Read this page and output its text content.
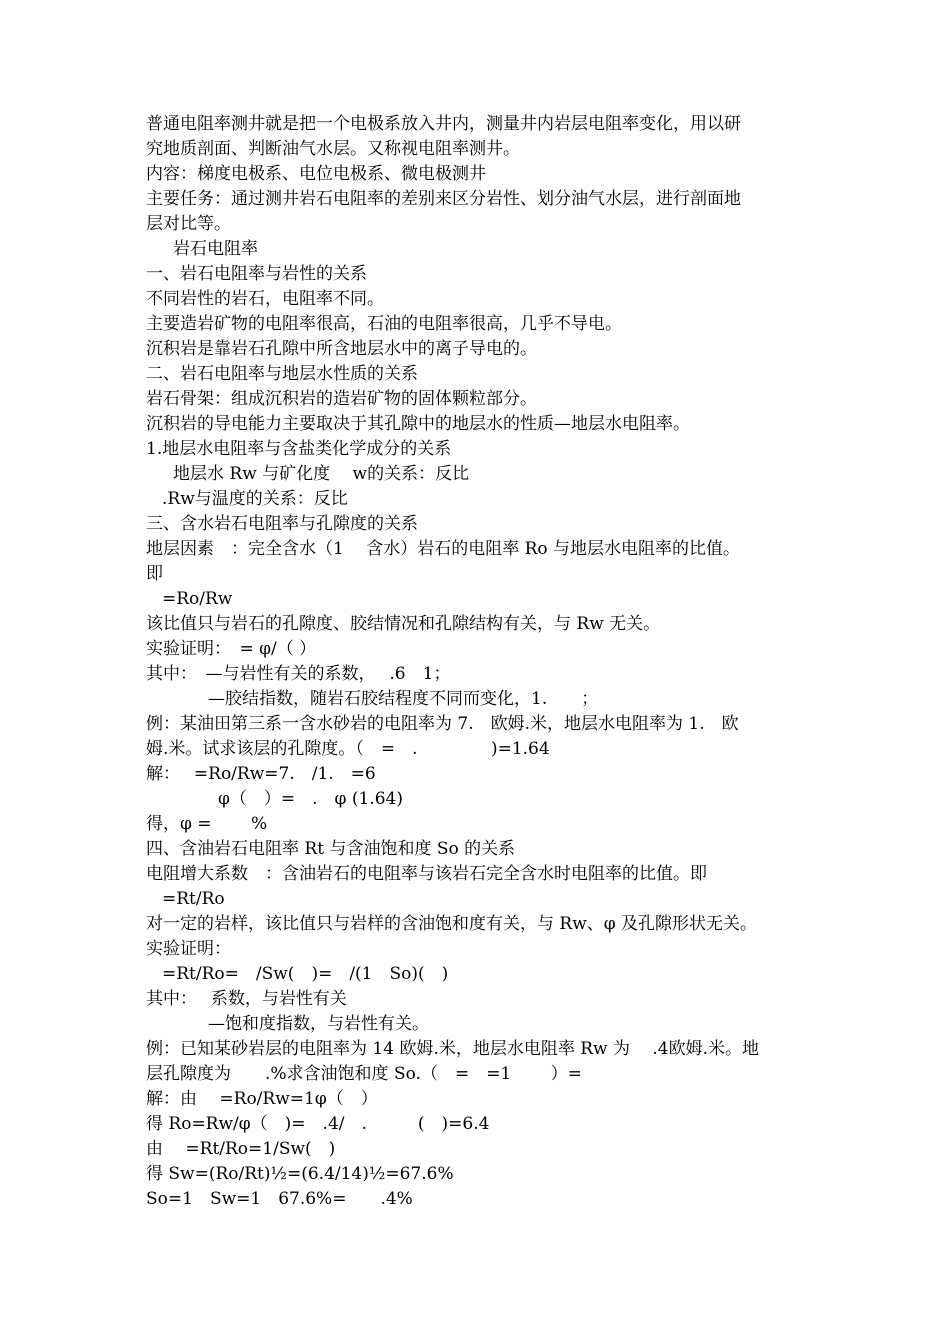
普通电阻率测井就是把一个电极系放入井内，测量井内岩层电阻率变化，用以研
究地质剖面、判断油气水层。又称视电阻率测井。
内容：梯度电极系、电位电极系、微电极测井
主要任务：通过测井岩石电阻率的差别来区分岩性、划分油气水层，进行剖面地
层对比等。
岩石电阻率
一、岩石电阻率与岩性的关系
不同岩性的岩石，电阻率不同。
主要造岩矿物的电阻率很高，石油的电阻率很高，几乎不导电。
沉积岩是靠岩石孔隙中所含地层水中的离子导电的。
二、岩石电阻率与地层水性质的关系
岩石骨架：组成沉积岩的造岩矿物的固体颗粒部分。
沉积岩的导电能力主要取决于其孔隙中的地层水的性质—地层水电阻率。
1.地层水电阻率与含盐类化学成分的关系
地层水 Rw 与矿化度　 w的关系：反比
.Rw与温度的关系：反比
三、含水岩石电阻率与孔隙度的关系
地层因素　：完全含水（1　 含水）岩石的电阻率 Ro 与地层水电阻率的比值。
即
=Ro/Rw
该比值只与岩石的孔隙度、胶结情况和孔隙结构有关，与 Rw 无关。
实验证明：　= φ/（ ）
其中：　—与岩性有关的系数，　 .6　1；
—胶结指数，随岩石胶结程度不同而变化，1.　　；
例：某油田第三系一含水砂岩的电阻率为 7.　欧姆.米，地层水电阻率为 1.　欧
姆.米。试求该层的孔隙度。（　=　.　　　　 )=1.64
解：　 =Ro/Rw=7.　/1.　=6
φ（　）=　.　φ (1.64)
得，φ =　　 %
四、含油岩石电阻率 Rt 与含油饱和度 So 的关系
电阻增大系数　：含油岩石的电阻率与该岩石完全含水时电阻率的比值。即
=Rt/Ro
对一定的岩样，该比值只与岩样的含油饱和度有关，与 Rw、φ 及孔隙形状无关。
实验证明：
=Rt/Ro=　/Sw(　)=　/(1　So)(　)
其中：　 系数，与岩性有关
—饱和度指数，与岩性有关。
例：已知某砂岩层的电阻率为 14 欧姆.米，地层水电阻率 Rw 为　 .4欧姆.米。地
层孔隙度为　　.%求含油饱和度 So.（　=　=1　　 ）=
解：由　 =Ro/Rw=1φ（　）
得 Ro=Rw/φ（　)=　.4/　.　　　(　)=6.4
由　 =Rt/Ro=1/Sw(　)
得 Sw=(Ro/Rt)½=(6.4/14)½=67.6%
So=1　Sw=1　67.6%=　　.4%
